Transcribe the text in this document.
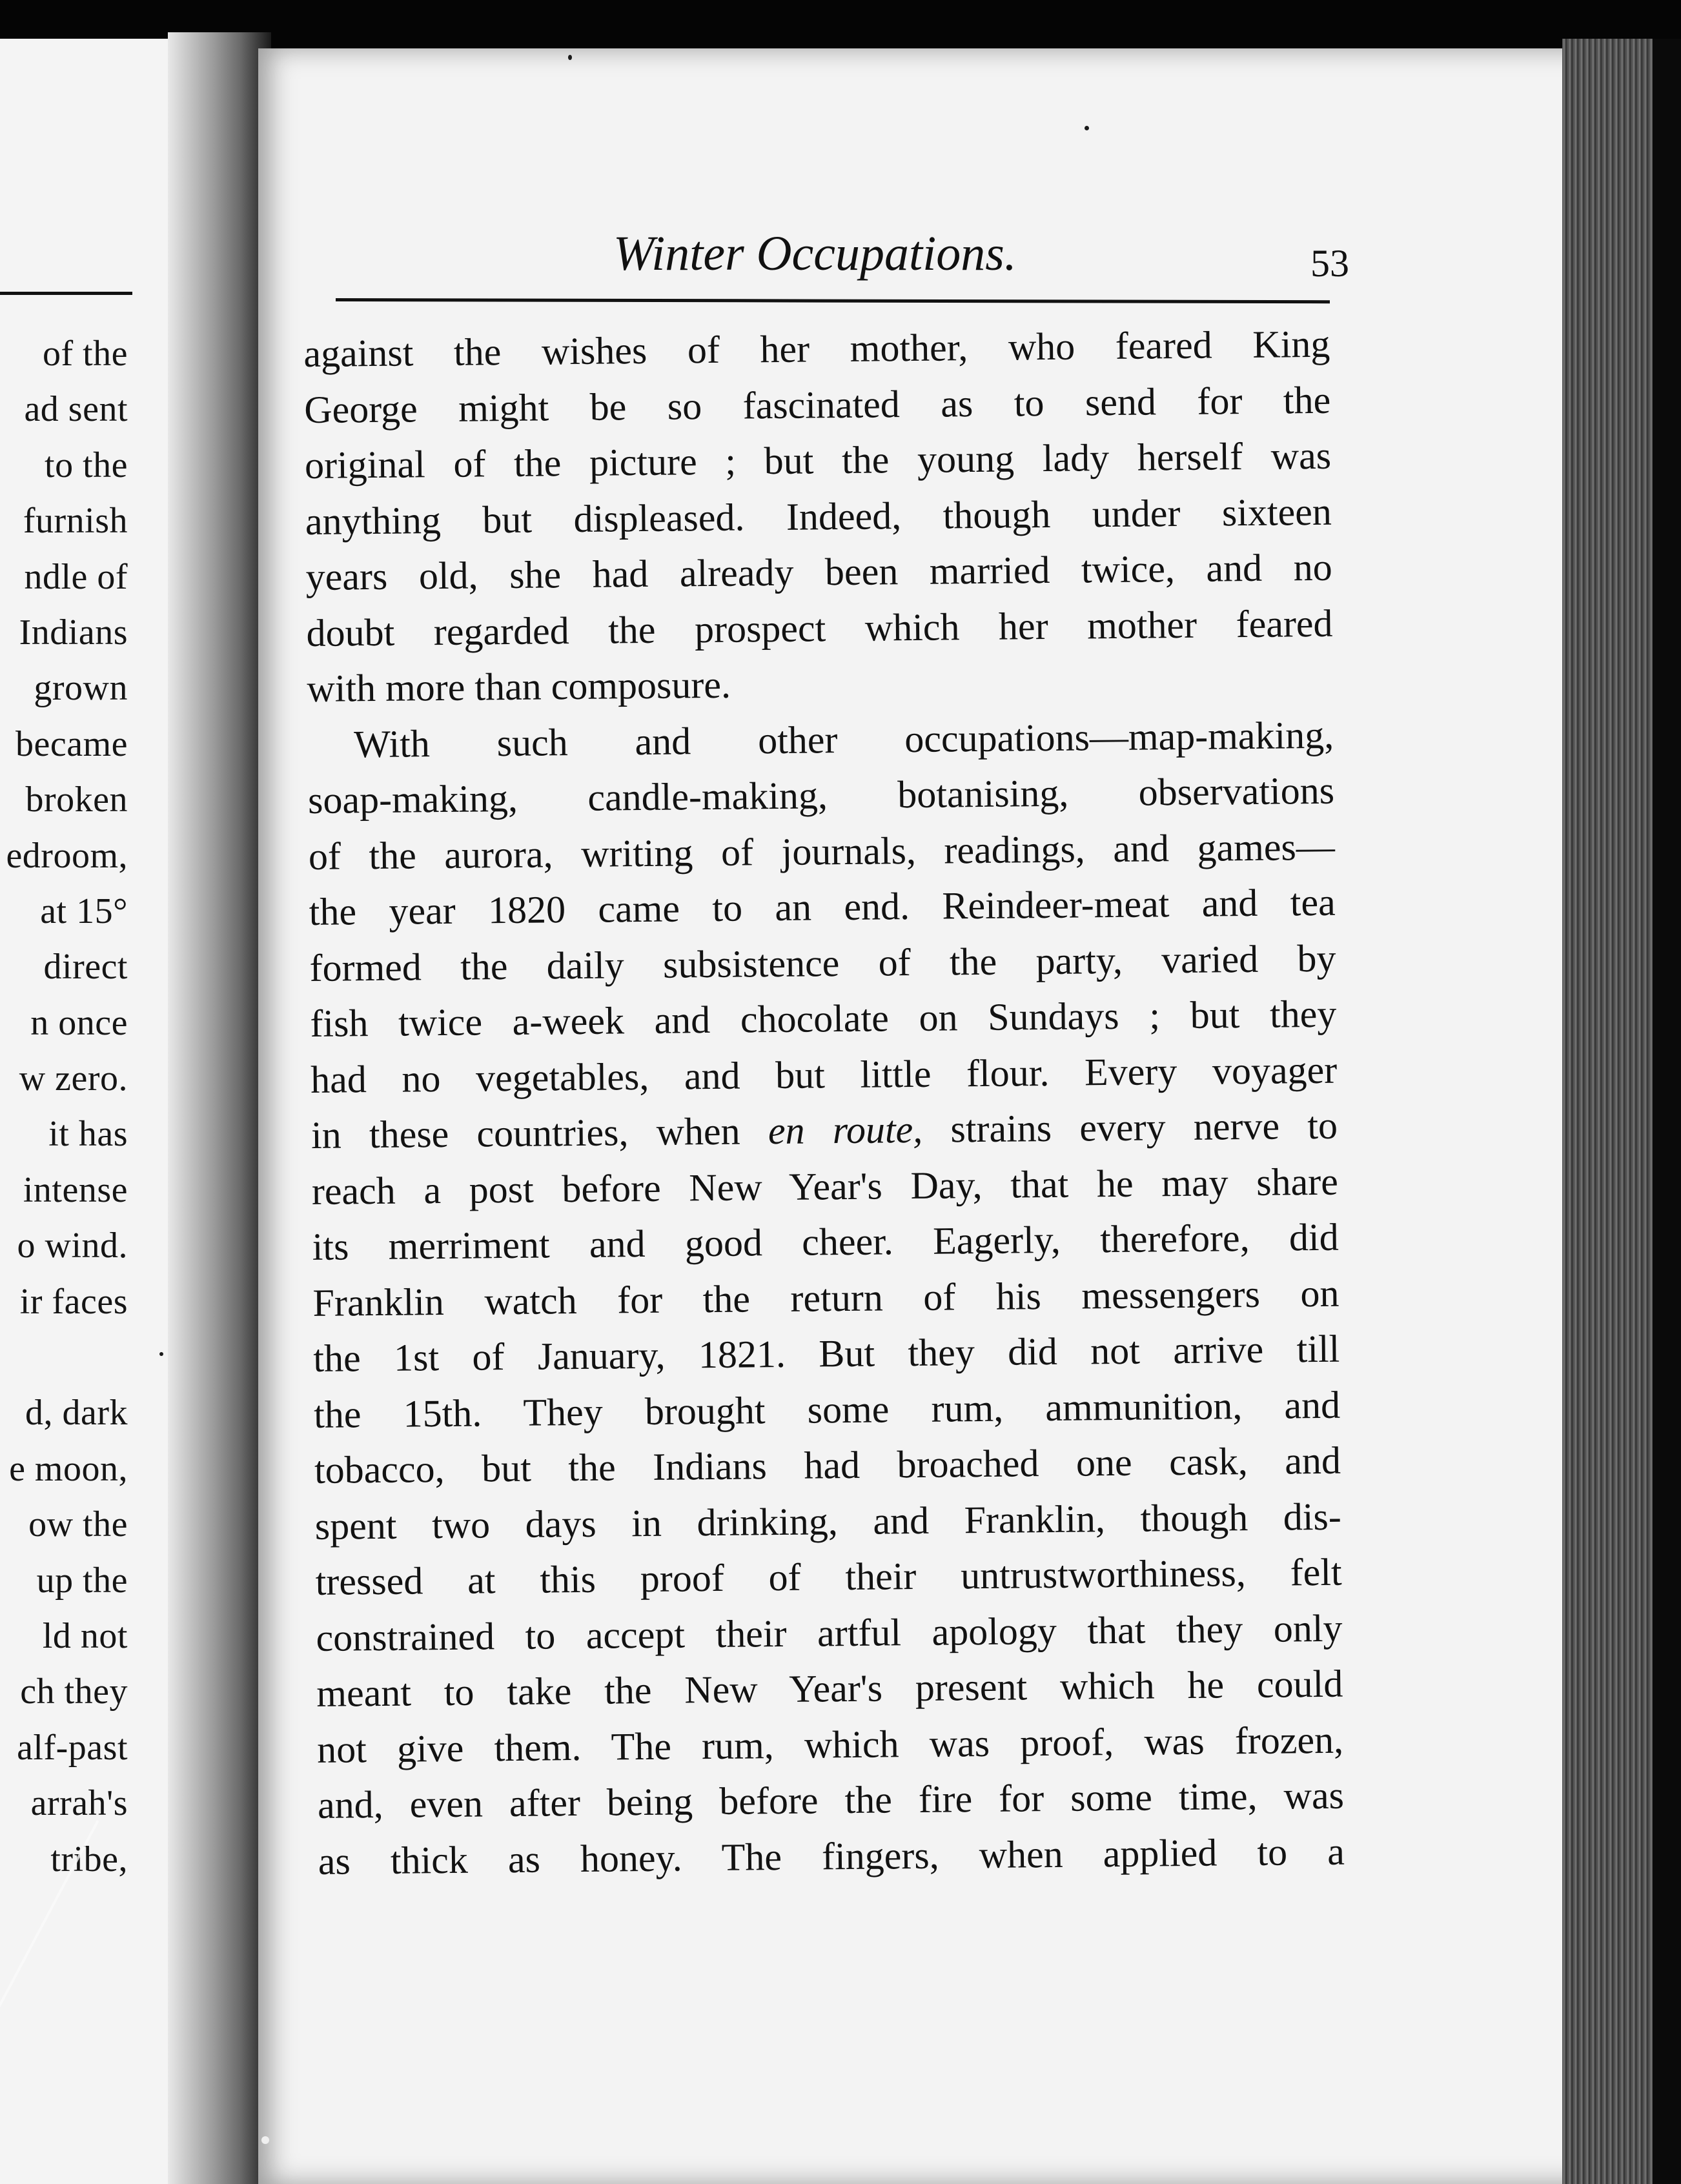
of the
ad sent
to the
furnish
ndle of
Indians
grown
became
broken
edroom,
at 15°
direct
n once
w zero.
it has
intense
o wind.
ir faces
d, dark
e moon,
ow the
up the
ld not
ch they
alf-past
arrah's
tribe,
Winter Occupations.	53
against the wishes of her mother, who feared King
George might be so fascinated as to send for the
original of the picture ; but the young lady herself was
anything but displeased. Indeed, though under sixteen
years old, she had already been married twice, and no
doubt regarded the prospect which her mother feared
with more than composure.
With such and other occupations—map-making,
soap-making, candle-making, botanising, observations
of the aurora, writing of journals, readings, and games—
the year 1820 came to an end. Reindeer-meat and tea
formed the daily subsistence of the party, varied by
fish twice a-week and chocolate on Sundays ; but they
had no vegetables, and but little flour. Every voyager
in these countries, when en route, strains every nerve to
reach a post before New Year's Day, that he may share
its merriment and good cheer. Eagerly, therefore, did
Franklin watch for the return of his messengers on
the 1st of January, 1821. But they did not arrive till
the 15th. They brought some rum, ammunition, and
tobacco, but the Indians had broached one cask, and
spent two days in drinking, and Franklin, though dis-
tressed at this proof of their untrustworthiness, felt
constrained to accept their artful apology that they only
meant to take the New Year's present which he could
not give them. The rum, which was proof, was frozen,
and, even after being before the fire for some time, was
as thick as honey. The fingers, when applied to a
